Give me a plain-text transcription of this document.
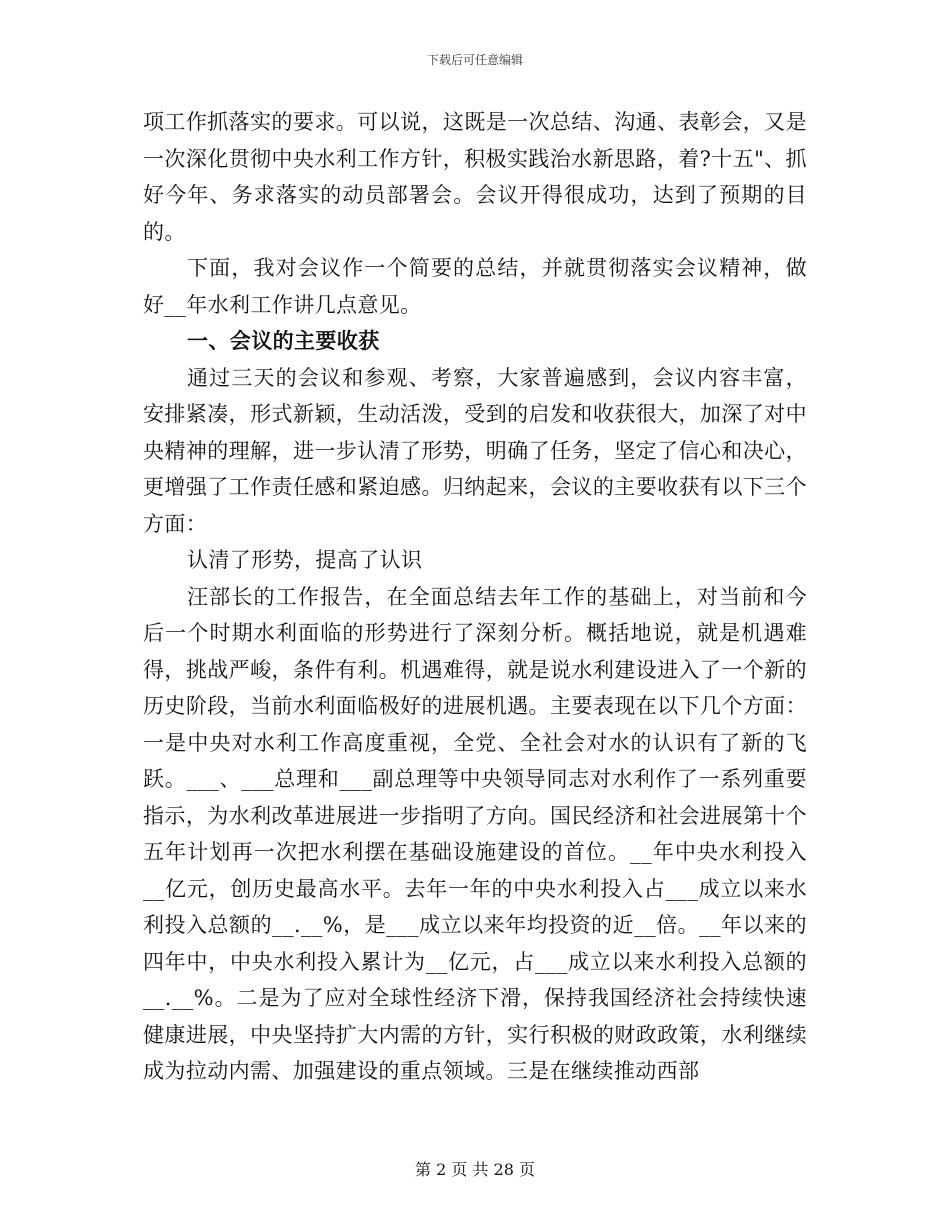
下载后可任意编辑

项工作抓落实的要求。可以说，这既是一次总结、沟通、表彰会，又是一次深化贯彻中央水利工作方针，积极实践治水新思路，着?十五"、抓好今年、务求落实的动员部署会。会议开得很成功，达到了预期的目的。

下面，我对会议作一个简要的总结，并就贯彻落实会议精神，做好__年水利工作讲几点意见。

一、会议的主要收获

通过三天的会议和参观、考察，大家普遍感到，会议内容丰富，安排紧凑，形式新颖，生动活泼，受到的启发和收获很大，加深了对中央精神的理解，进一步认清了形势，明确了任务，坚定了信心和决心，更增强了工作责任感和紧迫感。归纳起来，会议的主要收获有以下三个方面：

认清了形势，提高了认识

汪部长的工作报告，在全面总结去年工作的基础上，对当前和今后一个时期水利面临的形势进行了深刻分析。概括地说，就是机遇难得，挑战严峻，条件有利。机遇难得，就是说水利建设进入了一个新的历史阶段，当前水利面临极好的进展机遇。主要表现在以下几个方面：一是中央对水利工作高度重视，全党、全社会对水的认识有了新的飞跃。___、___总理和___副总理等中央领导同志对水利作了一系列重要指示，为水利改革进展进一步指明了方向。国民经济和社会进展第十个五年计划再一次把水利摆在基础设施建设的首位。__年中央水利投入__亿元，创历史最高水平。去年一年的中央水利投入占___成立以来水利投入总额的__.__%，是___成立以来年均投资的近__倍。__年以来的四年中，中央水利投入累计为__亿元，占___成立以来水利投入总额的__.__%。二是为了应对全球性经济下滑，保持我国经济社会持续快速健康进展，中央坚持扩大内需的方针，实行积极的财政政策，水利继续成为拉动内需、加强建设的重点领域。三是在继续推动西部

第 2 页 共 28 页
